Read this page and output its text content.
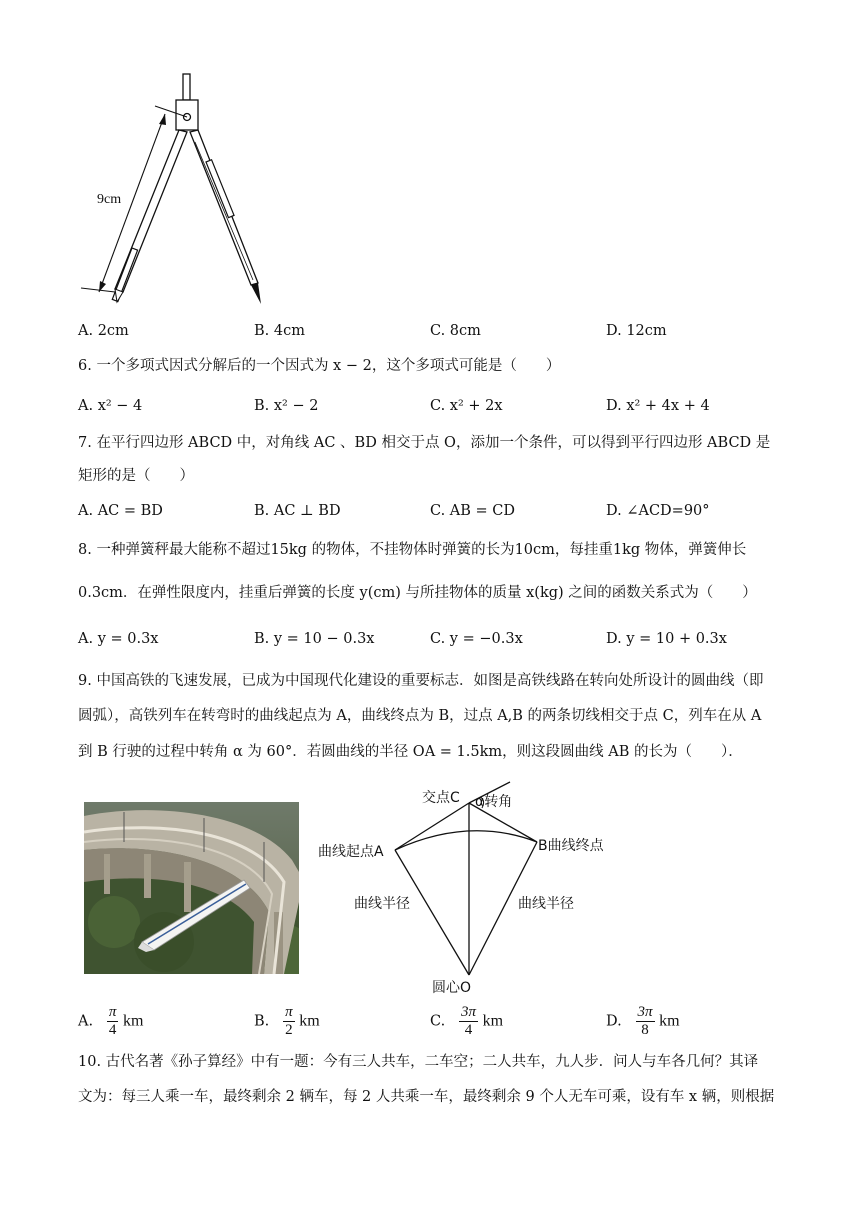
9cm
A. 2cm	B. 4cm	C. 8cm	D. 12cm
6. 一个多项式因式分解后的一个因式为 x − 2，这个多项式可能是（　　）
A. x² − 4	B. x² − 2	C. x² + 2x	D. x² + 4x + 4
7. 在平行四边形 ABCD 中，对角线 AC 、BD 相交于点 O，添加一个条件，可以得到平行四边形 ABCD 是
矩形的是（　　）
A. AC = BD	B. AC ⊥ BD	C. AB = CD	D. ∠ACD=90°
8. 一种弹簧秤最大能称不超过15kg 的物体，不挂物体时弹簧的长为10cm，每挂重1kg 物体，弹簧伸长
0.3cm．在弹性限度内，挂重后弹簧的长度 y(cm) 与所挂物体的质量 x(kg) 之间的函数关系式为（　　）
A. y = 0.3x	B. y = 10 − 0.3x	C. y = −0.3x	D. y = 10 + 0.3x
9. 中国高铁的飞速发展，已成为中国现代化建设的重要标志．如图是高铁线路在转向处所设计的圆曲线（即
圆弧），高铁列车在转弯时的曲线起点为 A，曲线终点为 B，过点 A,B 的两条切线相交于点 C，列车在从 A
到 B 行驶的过程中转角 α 为 60°．若圆曲线的半径 OA = 1.5km，则这段圆曲线 AB 的长为（　　）．
交点C α转角
曲线起点A	B曲线终点
曲线半径	曲线半径
圆心O
A. $\frac{\pi}{4}$ km	B. $\frac{\pi}{2}$ km	C. $\frac{3\pi}{4}$ km	D. $\frac{3\pi}{8}$ km
10. 古代名著《孙子算经》中有一题：今有三人共车，二车空；二人共车，九人步．问人与车各几何？其译
文为：每三人乘一车，最终剩余 2 辆车，每 2 人共乘一车，最终剩余 9 个人无车可乘，设有车 x 辆，则根据
